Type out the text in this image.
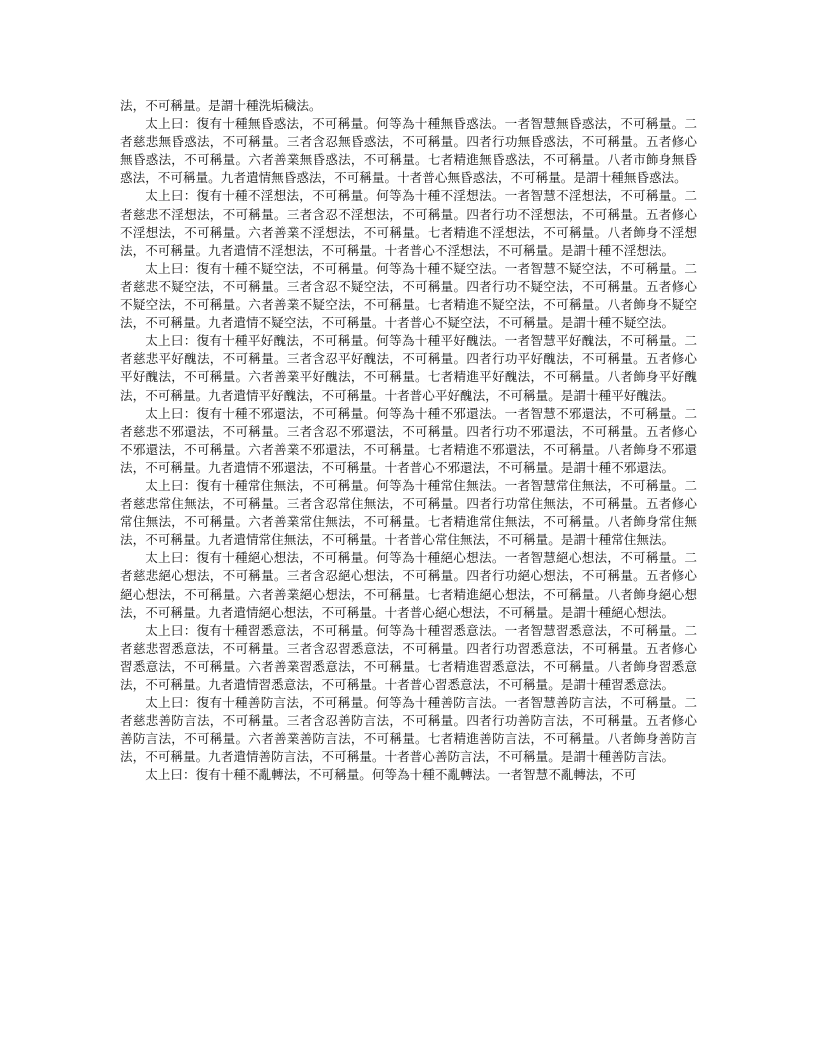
法，不可稱量。是謂十種洗垢穢法。

太上曰：復有十種無昏惑法，不可稱量。何等為十種無昏惑法。一者智慧無昏惑法，不可稱量。二者慈悲無昏惑法，不可稱量。三者含忍無昏惑法，不可稱量。四者行功無昏惑法，不可稱量。五者修心無昏惑法，不可稱量。六者善業無昏惑法，不可稱量。七者精進無昏惑法，不可稱量。八者市飾身無昏惑法，不可稱量。九者遣情無昏惑法，不可稱量。十者普心無昏惑法，不可稱量。是謂十種無昏惑法。

太上曰：復有十種不淫想法，不可稱量。何等為十種不淫想法。一者智慧不淫想法，不可稱量。二者慈悲不淫想法，不可稱量。三者含忍不淫想法，不可稱量。四者行功不淫想法，不可稱量。五者修心不淫想法，不可稱量。六者善業不淫想法，不可稱量。七者精進不淫想法，不可稱量。八者飾身不淫想法，不可稱量。九者遣情不淫想法，不可稱量。十者普心不淫想法，不可稱量。是謂十種不淫想法。

太上曰：復有十種不疑空法，不可稱量。何等為十種不疑空法。一者智慧不疑空法，不可稱量。二者慈悲不疑空法，不可稱量。三者含忍不疑空法，不可稱量。四者行功不疑空法，不可稱量。五者修心不疑空法，不可稱量。六者善業不疑空法，不可稱量。七者精進不疑空法，不可稱量。八者飾身不疑空法，不可稱量。九者遣情不疑空法，不可稱量。十者普心不疑空法，不可稱量。是謂十種不疑空法。

太上曰：復有十種平好醜法，不可稱量。何等為十種平好醜法。一者智慧平好醜法，不可稱量。二者慈悲平好醜法，不可稱量。三者含忍平好醜法，不可稱量。四者行功平好醜法，不可稱量。五者修心平好醜法，不可稱量。六者善業平好醜法，不可稱量。七者精進平好醜法，不可稱量。八者飾身平好醜法，不可稱量。九者遣情平好醜法，不可稱量。十者普心平好醜法，不可稱量。是謂十種平好醜法。

太上曰：復有十種不邪還法，不可稱量。何等為十種不邪還法。一者智慧不邪還法，不可稱量。二者慈悲不邪還法，不可稱量。三者含忍不邪還法，不可稱量。四者行功不邪還法，不可稱量。五者修心不邪還法，不可稱量。六者善業不邪還法，不可稱量。七者精進不邪還法，不可稱量。八者飾身不邪還法，不可稱量。九者遣情不邪還法，不可稱量。十者普心不邪還法，不可稱量。是謂十種不邪還法。

太上曰：復有十種常住無法，不可稱量。何等為十種常住無法。一者智慧常住無法，不可稱量。二者慈悲常住無法，不可稱量。三者含忍常住無法，不可稱量。四者行功常住無法，不可稱量。五者修心常住無法，不可稱量。六者善業常住無法，不可稱量。七者精進常住無法，不可稱量。八者飾身常住無法，不可稱量。九者遣情常住無法，不可稱量。十者普心常住無法，不可稱量。是謂十種常住無法。

太上曰：復有十種絕心想法，不可稱量。何等為十種絕心想法。一者智慧絕心想法，不可稱量。二者慈悲絕心想法，不可稱量。三者含忍絕心想法，不可稱量。四者行功絕心想法，不可稱量。五者修心絕心想法，不可稱量。六者善業絕心想法，不可稱量。七者精進絕心想法，不可稱量。八者飾身絕心想法，不可稱量。九者遣情絕心想法，不可稱量。十者普心絕心想法，不可稱量。是謂十種絕心想法。

太上曰：復有十種習悉意法，不可稱量。何等為十種習悉意法。一者智慧習悉意法，不可稱量。二者慈悲習悉意法，不可稱量。三者含忍習悉意法，不可稱量。四者行功習悉意法，不可稱量。五者修心習悉意法，不可稱量。六者善業習悉意法，不可稱量。七者精進習悉意法，不可稱量。八者飾身習悉意法，不可稱量。九者遣情習悉意法，不可稱量。十者普心習悉意法，不可稱量。是謂十種習悉意法。

太上曰：復有十種善防言法，不可稱量。何等為十種善防言法。一者智慧善防言法，不可稱量。二者慈悲善防言法，不可稱量。三者含忍善防言法，不可稱量。四者行功善防言法，不可稱量。五者修心善防言法，不可稱量。六者善業善防言法，不可稱量。七者精進善防言法，不可稱量。八者飾身善防言法，不可稱量。九者遣情善防言法，不可稱量。十者普心善防言法，不可稱量。是謂十種善防言法。

太上曰：復有十種不亂轉法，不可稱量。何等為十種不亂轉法。一者智慧不亂轉法，不可
